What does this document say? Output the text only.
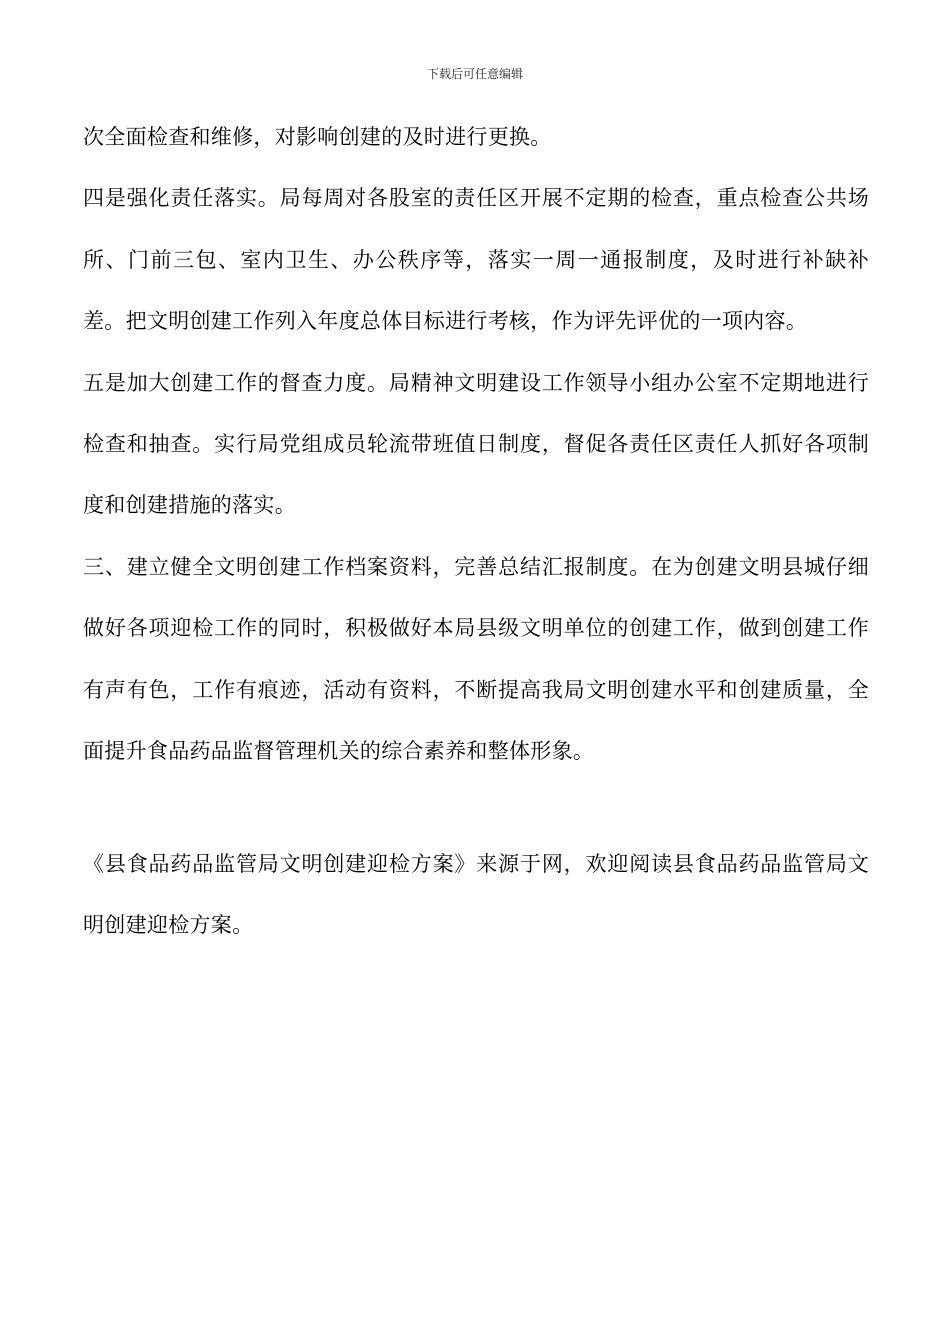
下载后可任意编辑

次全面检查和维修，对影响创建的及时进行更换。

四是强化责任落实。局每周对各股室的责任区开展不定期的检查，重点检查公共场所、门前三包、室内卫生、办公秩序等，落实一周一通报制度，及时进行补缺补差。把文明创建工作列入年度总体目标进行考核，作为评先评优的一项内容。

五是加大创建工作的督查力度。局精神文明建设工作领导小组办公室不定期地进行检查和抽查。实行局党组成员轮流带班值日制度，督促各责任区责任人抓好各项制度和创建措施的落实。

三、建立健全文明创建工作档案资料，完善总结汇报制度。在为创建文明县城仔细做好各项迎检工作的同时，积极做好本局县级文明单位的创建工作，做到创建工作有声有色，工作有痕迹，活动有资料，不断提高我局文明创建水平和创建质量，全面提升食品药品监督管理机关的综合素养和整体形象。

《县食品药品监管局文明创建迎检方案》来源于网，欢迎阅读县食品药品监管局文明创建迎检方案。
